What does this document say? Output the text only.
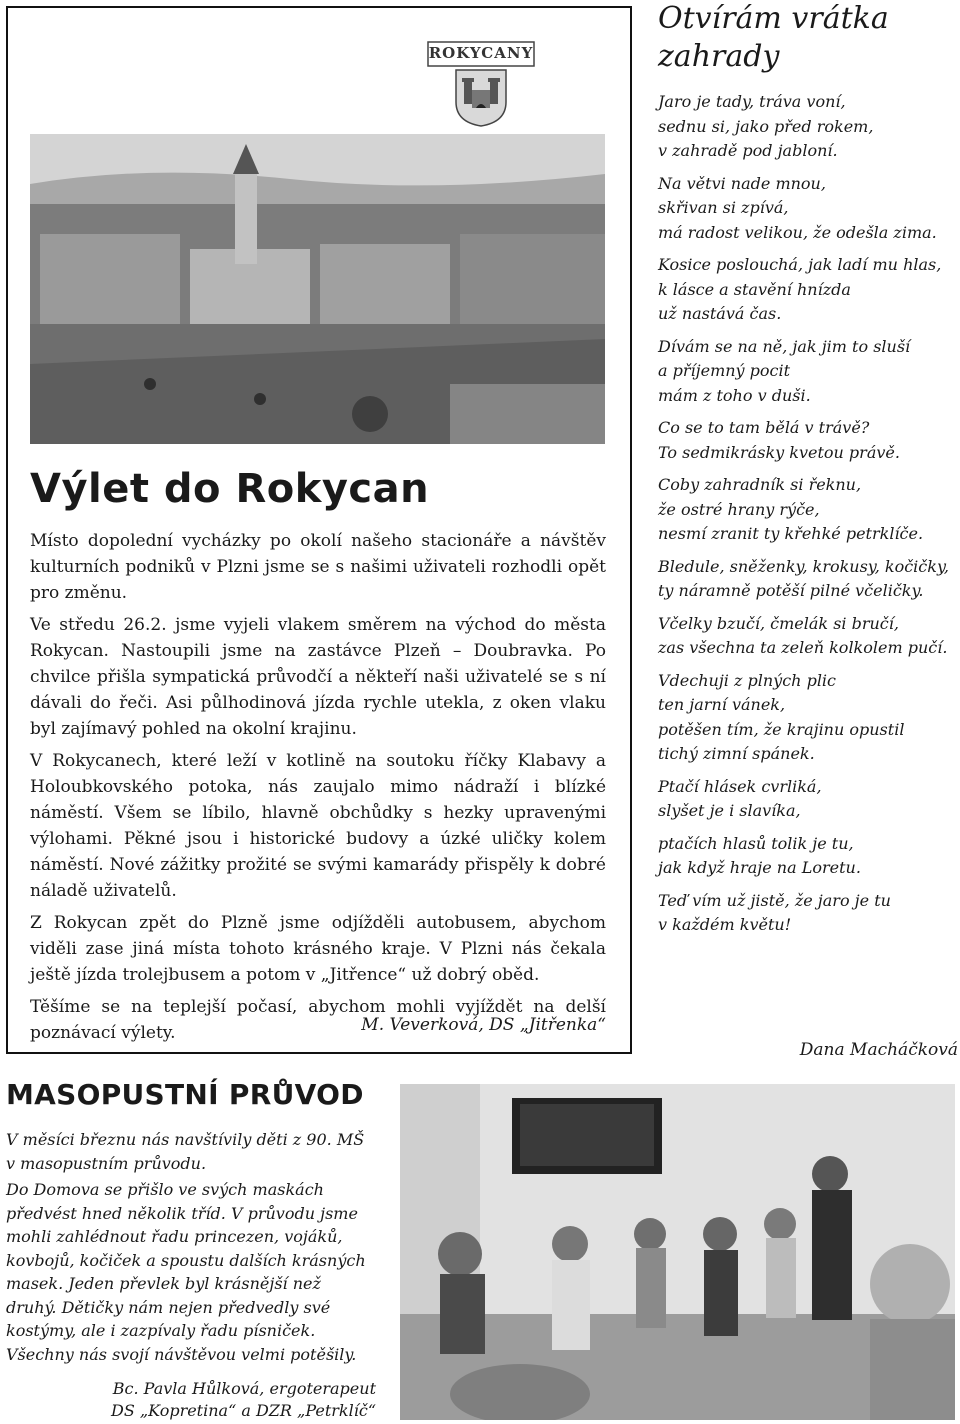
ROKYCANY
Výlet do Rokycan

Místo dopolední vycházky po okolí našeho stacionáře a návštěv kulturních podniků v Plzni jsme se s našimi uživateli rozhodli opět pro změnu.

Ve středu 26.2. jsme vyjeli vlakem směrem na východ do města Rokycan. Nastoupili jsme na zastávce Plzeň – Doubravka. Po chvilce přišla sympatická průvodčí a někteří naši uživatelé se s ní dávali do řeči. Asi půlhodinová jízda rychle utekla, z oken vlaku byl zajímavý pohled na okolní krajinu.

V Rokycanech, které leží v kotlině na soutoku říčky Klabavy a Holoubkovského potoka, nás zaujalo mimo nádraží i blízké náměstí. Všem se líbilo, hlavně obchůdky s hezky upravenými výlohami. Pěkné jsou i historické budovy a úzké uličky kolem náměstí. Nové zážitky prožité se svými kamarády přispěly k dobré náladě uživatelů.

Z Rokycan zpět do Plzně jsme odjížděli autobusem, abychom viděli zase jiná místa tohoto krásného kraje. V Plzni nás čekala ještě jízda trolejbusem a potom v „Jitřence“ už dobrý oběd.

Těšíme se na teplejší počasí, abychom mohli vyjíždět na delší poznávací výlety.	M. Veverková, DS „Jitřenka“
Otvírám vrátka zahrady

Jaro je tady, tráva voní,
sednu si, jako před rokem,
v zahradě pod jabloní.

Na větvi nade mnou,
skřivan si zpívá,
má radost velikou, že odešla zima.

Kosice poslouchá, jak ladí mu hlas,
k lásce a stavění hnízda
už nastává čas.

Dívám se na ně, jak jim to sluší
a příjemný pocit
mám z toho v duši.

Co se to tam bělá v trávě?
To sedmikrásky kvetou právě.

Coby zahradník si řeknu,
že ostré hrany rýče,
nesmí zranit ty křehké petrklíče.

Bledule, sněženky, krokusy, kočičky,
ty náramně potěší pilné včeličky.

Včelky bzučí, čmelák si bručí,
zas všechna ta zeleň kolkolem pučí.

Vdechuji z plných plic
ten jarní vánek,
potěšen tím, že krajinu opustil
tichý zimní spánek.

Ptačí hlásek cvrliká,
slyšet je i slavíka,

ptačích hlasů tolik je tu,
jak když hraje na Loretu.

Teď vím už jistě, že jaro je tu
v každém květu!

Dana Macháčková
MASOPUSTNÍ PRŮVOD

V měsíci březnu nás navštívily děti z 90. MŠ v masopustním průvodu.

Do Domova se přišlo ve svých maskách předvést hned několik tříd. V průvodu jsme mohli zahlédnout řadu princezen, vojáků, kovbojů, kočiček a spoustu dalších krásných masek. Jeden převlek byl krásnější než druhý. Dětičky nám nejen předvedly své kostýmy, ale i zazpívaly řadu písniček. Všechny nás svojí návštěvou velmi potěšily.

Bc. Pavla Hůlková, ergoterapeut
DS „Kopretina“ a DZR „Petrklíč“
